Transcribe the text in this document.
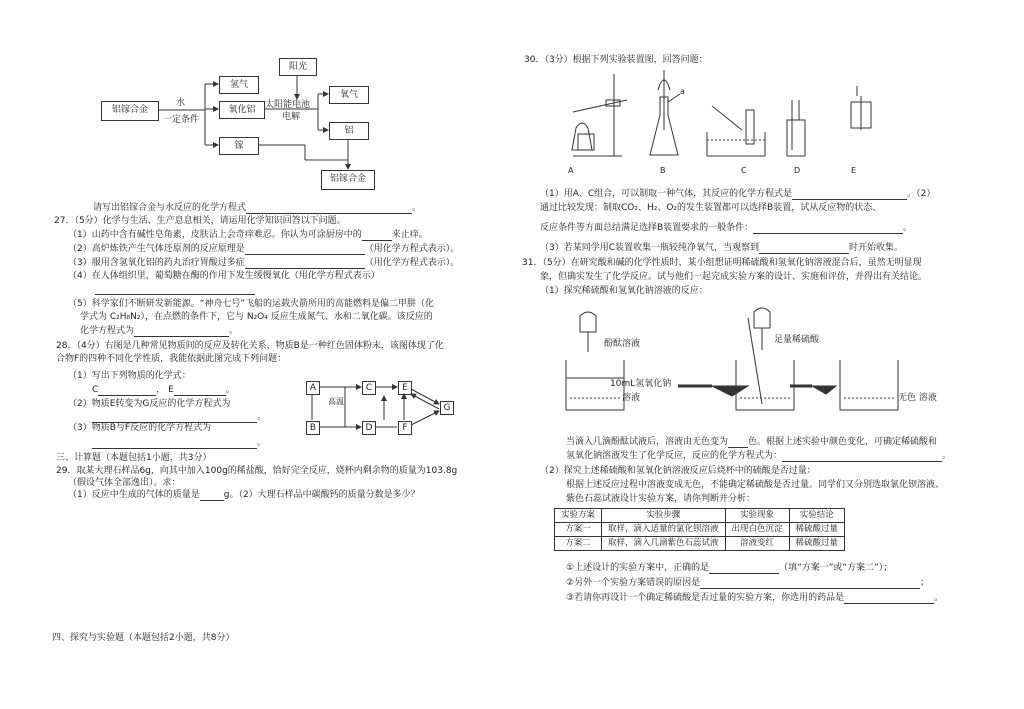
铝镓合金
水
一定条件
氢气
氧化铝
镓
阳光
太阳能电池
电解
氧气
铝
铝镓合金
请写出铝镓合金与水反应的化学方程式	。
27．（5分）化学与生活、生产息息相关，请运用化学知识回答以下问题。
（1）山药中含有碱性皂角素，皮肤沾上会奇痒难忍。你认为可涂厨房中的	来止痒。
（2）高炉炼铁产生气体还原剂的反应原理是	（用化学方程式表示）。
（3）服用含氢氧化铝的药丸治疗胃酸过多症	（用化学方程式表示）。
（4）在人体组织里，葡萄糖在酶的作用下发生缓慢氧化（用化学方程式表示）
（5）科学家们不断研发新能源。“神舟七号”飞船的运载火箭所用的高能燃料是偏二甲肼（化
学式为 C₂H₈N₂），在点燃的条件下，它与 N₂O₄ 反应生成氮气、水和二氧化碳。该反应的
化学方程式为	。
28．（4分）右图是几种常见物质间的反应及转化关系，物质B是一种红色固体粉末，该图体现了化
合物F的四种不同化学性质，我能依据此图完成下列问题：
（1）写出下列物质的化学式：
C	， E	。
（2）物质E转变为G反应的化学方程式为
。
（3）物质B与F反应的化学方程式为
。
A
B
C
D
E
F
G
高温
三、计算题（本题包括1小题，共3分）
29．取某大理石样品6g，向其中加入100g的稀盐酸，恰好完全反应，烧杯内剩余物的质量为103.8g
（假设气体全部逸出）。求：
（1）反应中生成的气体的质量是	g。（2）大理石样品中碳酸钙的质量分数是多少？
四、探究与实验题（本题包括2小题，共8分）
30．（3分）根据下列实验装置图，回答问题：
A	B	C	D	E
a
（1）用A、C组合，可以制取一种气体，其反应的化学方程式是	。（2）
通过比较发现：制取CO₂、H₂、O₂的发生装置都可以选择B装置，试从反应物的状态、
反应条件等方面总结满足选择B装置要求的一般条件：	。
（3）若某同学用C装置收集一瓶较纯净氧气，当观察到	时开始收集。
31．（5分）在研究酸和碱的化学性质时，某小组想证明稀硫酸和氢氧化钠溶液混合后，虽然无明显现
象，但确实发生了化学反应。试与他们一起完成实验方案的设计、实施和评价，并得出有关结论。
（1）探究稀硫酸和氢氧化钠溶液的反应：
酚酞溶液
10mL氢氧化钠
溶液
足量稀硫酸
无色 溶液
当滴入几滴酚酞试液后，溶液由无色变为 色。根据上述实验中颜色变化，可确定稀硫酸和
氢氧化钠溶液发生了化学反应，反应的化学方程式为：	。
（2）探究上述稀硫酸和氢氧化钠溶液反应后烧杯中的硫酸是否过量：
根据上述反应过程中溶液变成无色，不能确定稀硫酸是否过量。同学们又分别选取氯化钡溶液、
紫色石蕊试液设计实验方案，请你判断并分析：
实验方案	实验步骤	实验现象	实验结论
方案一	取样，滴入适量的氯化钡溶液	出现白色沉淀	稀硫酸过量
方案二	取样，滴入几滴紫色石蕊试液	溶液变红	稀硫酸过量
①上述设计的实验方案中，正确的是	（填“方案一”或“方案二”）；
②另外一个实验方案错误的原因是	；
③若请你再设计一个确定稀硫酸是否过量的实验方案，你选用的药品是	。
